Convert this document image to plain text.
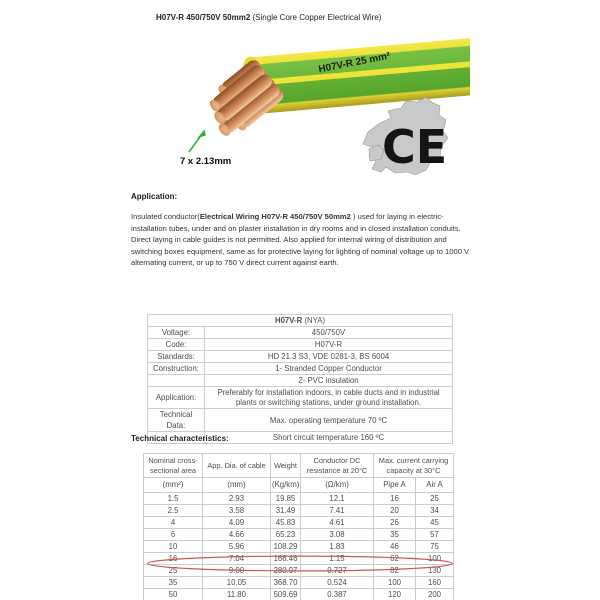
H07V-R 450/750V 50mm2 (Single Core Copper Electrical Wire)
H07V-R 25 mm²
7 x 2.13mm	CE
Application:
Insulated conductor(Electrical Wiring H07V-R 450/750V 50mm2 ) used for laying in electric-installation tubes, under and on plaster installation in dry rooms and in closed installation conduits. Direct laying in cable guides is not permitted. Also applied for internal wiring of distribution and switching boxes equipment, same as for protective laying for lighting of nominal voltage up to 1000 V alternating current, or up to 750 V direct current against earth.
H07V-R (NYA)	
Voltage:	450/750V
Code:	H07V-R
Standards:	HD 21.3 S3, VDE 0281-3, BS 6004
Construction:	1- Stranded Copper Conductor
	2- PVC insulation
Application:	Preferably for installation indoors, in cable ducts and in industrial plants or switching stations, under ground installation.
Technical Data:	Max. operating temperature 70 ºC
	Short circuit temperature 160 ºC
Technical characteristics:
Nominal cross-sectional area	App. Dia. of cable	Weight	Conductor DC resistance at 20°C	Max. current carrying capacity at 30°C	
(mm²)	(mm)	(Kg/km)	(Ω/km)	Pipe A	Air A
1.5	2.93	19.85	12.1	16	25
2.5	3.58	31.49	7.41	20	34
4	4.09	45.83	4.61	26	45
6	4.66	65.23	3.08	35	57
10	5.96	108.29	1.83	46	75
16	7.04	166.46	1.15	62	100
25	9.00	280.97	0.727	82	130
35	10.05	368.70	0.524	100	160
50	11.80	509.69	0.387	120	200
